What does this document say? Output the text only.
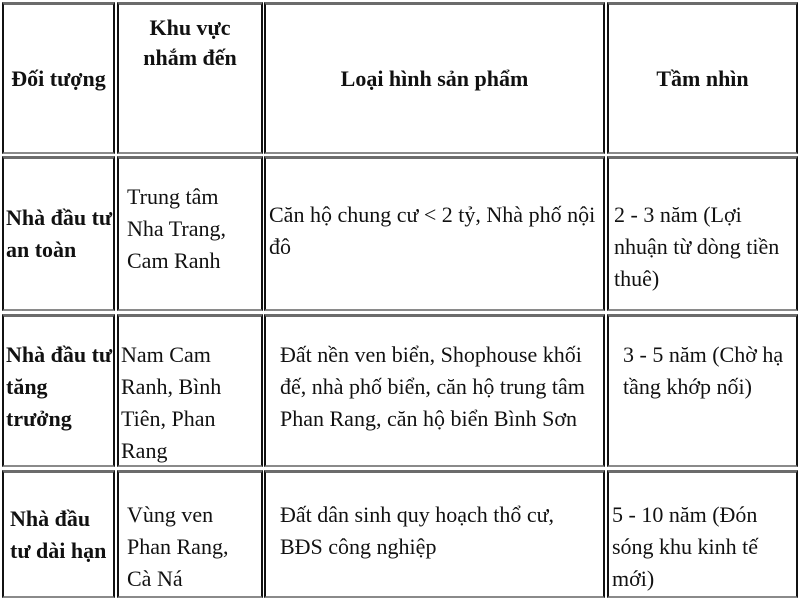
Đối tượng
Khu vực nhắm đến
Loại hình sản phẩm	Tầm nhìn
Nhà đầu tư an toàn
Trung tâm Nha Trang, Cam Ranh
Căn hộ chung cư < 2 tỷ, Nhà phố nội đô
2 - 3 năm (Lợi nhuận từ dòng tiền thuê)
Nhà đầu tư tăng trưởng
Nam Cam Ranh, Bình Tiên, Phan Rang
Đất nền ven biển, Shophouse khối đế, nhà phố biển, căn hộ trung tâm Phan Rang, căn hộ biển Bình Sơn
3 - 5 năm (Chờ hạ tầng khớp nối)
Nhà đầu tư dài hạn
Vùng ven Phan Rang, Cà Ná
Đất dân sinh quy hoạch thổ cư, BĐS công nghiệp
5 - 10 năm (Đón sóng khu kinh tế mới)
